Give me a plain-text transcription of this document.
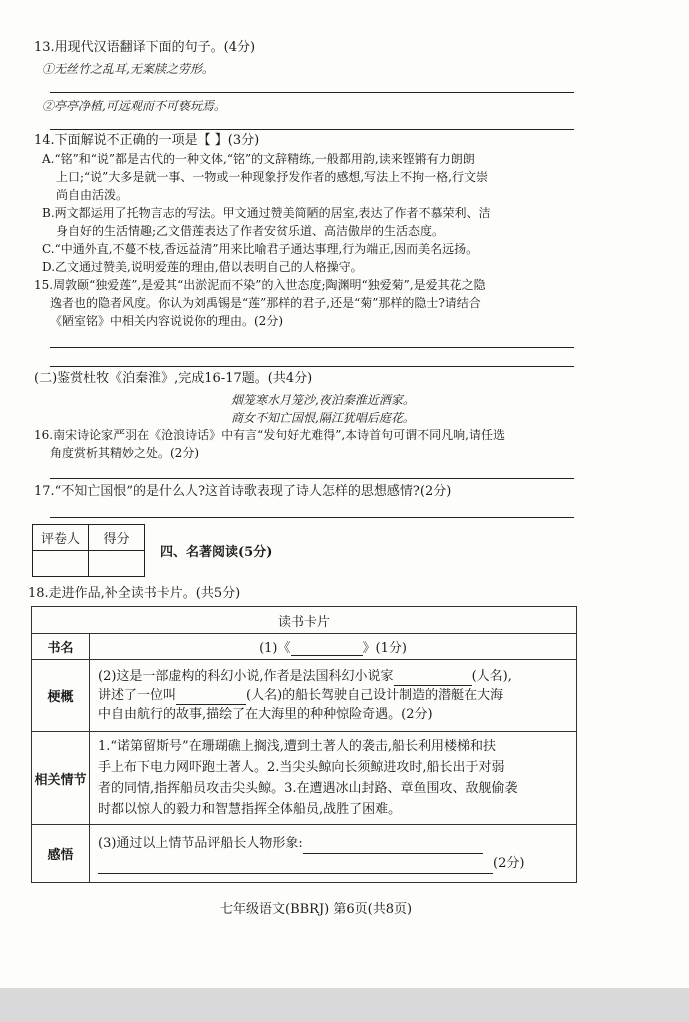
13.用现代汉语翻译下面的句子。(4分)
①无丝竹之乱耳,无案牍之劳形。
②亭亭净植,可远观而不可亵玩焉。
14.下面解说不正确的一项是【 】(3分)
A.“铭”和“说”都是古代的一种文体,“铭”的文辞精练,一般都用韵,读来铿锵有力朗朗
上口;“说”大多是就一事、一物或一种现象抒发作者的感想,写法上不拘一格,行文崇
尚自由活泼。
B.两文都运用了托物言志的写法。甲文通过赞美简陋的居室,表达了作者不慕荣利、洁
身自好的生活情趣;乙文借莲表达了作者安贫乐道、高洁傲岸的生活态度。
C.“中通外直,不蔓不枝,香远益清”用来比喻君子通达事理,行为端正,因而美名远扬。
D.乙文通过赞美,说明爱莲的理由,借以表明自己的人格操守。
15.周敦颐“独爱莲”,是爱其“出淤泥而不染”的入世态度;陶渊明“独爱菊”,是爱其花之隐
逸者也的隐者风度。你认为刘禹锡是“莲”那样的君子,还是“菊”那样的隐士?请结合
《陋室铭》中相关内容说说你的理由。(2分)
(二)鉴赏杜牧《泊秦淮》,完成16-17题。(共4分)
烟笼寒水月笼沙,夜泊秦淮近酒家。
商女不知亡国恨,隔江犹唱后庭花。
16.南宋诗论家严羽在《沧浪诗话》中有言“发句好尤难得”,本诗首句可谓不同凡响,请任选
角度赏析其精妙之处。(2分)
17.“不知亡国恨”的是什么人?这首诗歌表现了诗人怎样的思想感情?(2分)
评卷人	得分

四、名著阅读(5分)
18.走进作品,补全读书卡片。(共5分)
读书卡片	
书名	(1)《 》(1分)
梗概	(2)这是一部虚构的科幻小说,作者是法国科幻小说家 (人名),
讲述了一位叫 (人名)的船长驾驶自己设计制造的潜艇在大海
中自由航行的故事,描绘了在大海里的种种惊险奇遇。(2分)

相关情节	1.“诺第留斯号”在珊瑚礁上搁浅,遭到土著人的袭击,船长利用楼梯和扶
手上布下电力网吓跑土著人。2.当尖头鲸向长须鲸进攻时,船长出于对弱
者的同情,指挥船员攻击尖头鲸。3.在遭遇冰山封路、章鱼围攻、敌舰偷袭
时都以惊人的毅力和智慧指挥全体船员,战胜了困难。

感悟	(3)通过以上情节品评船长人物形象:
(2分)
七年级语文(BBRJ) 第6页(共8页)
